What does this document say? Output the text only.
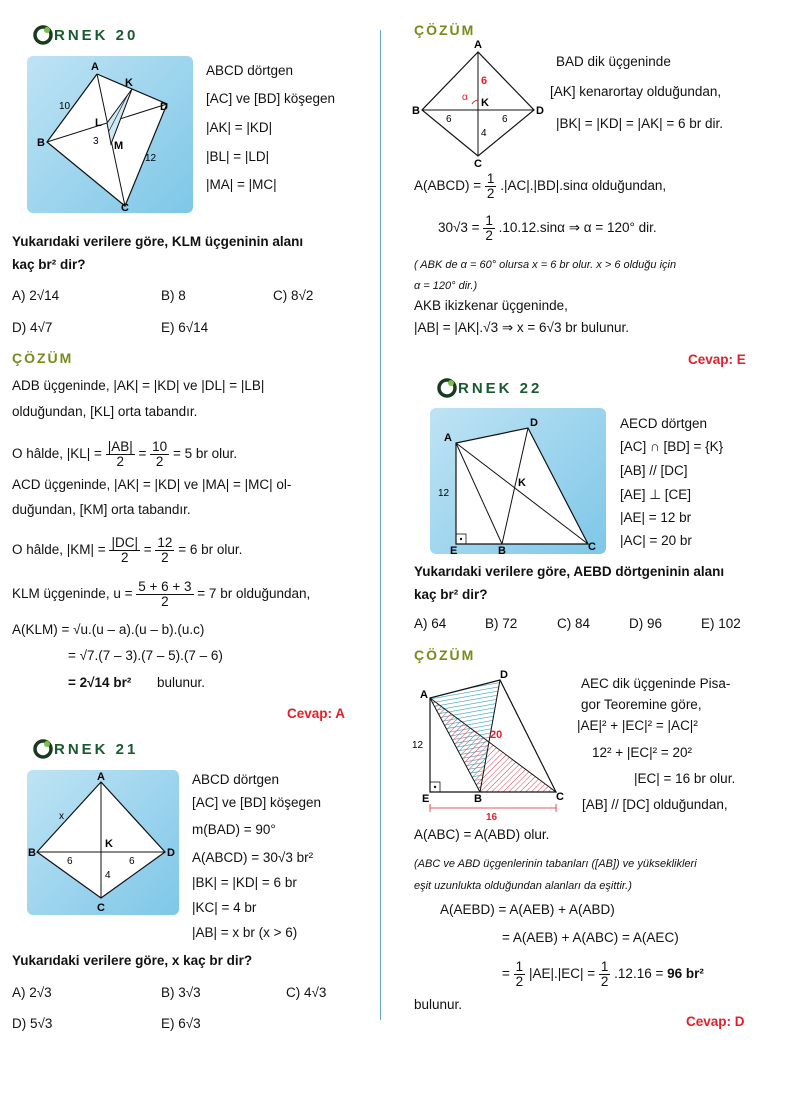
RNEK 20
A
B
C
D
K
L
M
10
3
12
ABCD dörtgen
[AC] ve [BD] köşegen
|AK| = |KD|
|BL| = |LD|
|MA| = |MC|
Yukarıdaki verilere göre, KLM üçgeninin alanı
kaç br² dir?
A) 2√14	B) 8	C) 8√2
D) 4√7	E) 6√14
ÇÖZÜM
ADB üçgeninde, |AK| = |KD| ve |DL| = |LB|
olduğundan, [KL] orta tabandır.
O hâlde, $|KL| = \frac{|AB|}{2} = \frac{10}{2} = 5$ br olur.
ACD üçgeninde, |AK| = |KD| ve |MA| = |MC| ol-
duğundan, [KM] orta tabandır.
O hâlde, $|KM| = \frac{|DC|}{2} = \frac{12}{2} = 6$ br olur.
KLM üçgeninde, $u = \frac{5 + 6 + 3}{2} = 7$ br olduğundan,
A(KLM) = √u.(u – a).(u – b).(u.c)
= √7.(7 – 3).(7 – 5).(7 – 6)
= 2√14 br² bulunur.
Cevap: A
RNEK 21
A
B
C
D
K
x
6	6
4
ABCD dörtgen
[AC] ve [BD] köşegen
m(BAD) = 90°
A(ABCD) = 30√3 br²
|BK| = |KD| = 6 br
|KC| = 4 br
|AB| = x br (x > 6)
Yukarıdaki verilere göre, x kaç br dir?
A) 2√3	B) 3√3	C) 4√3
D) 5√3	E) 6√3
ÇÖZÜM
A
B
C
D
K
6
α
6	6
4
BAD dik üçgeninde
[AK] kenarortay olduğundan,
|BK| = |KD| = |AK| = 6 br dir.
A(ABCD) = $\frac{1}{2} .|AC|.|BD|.\sin\alpha$ olduğundan,
$30√3 = \frac{1}{2} .10.12.\sin\alpha$ ⇒ α = 120° dir.
( ABK de α = 60° olursa x = 6 br olur. x > 6 olduğu için
α = 120° dir.)
AKB ikizkenar üçgeninde,
|AB| = |AK|.√3 ⇒ x = 6√3 br bulunur.
Cevap: E
RNEK 22
A
D
E	B	C
K
12
AECD dörtgen
[AC] ∩ [BD] = {K}
[AB] // [DC]
[AE] ⊥ [CE]
|AE| = 12 br
|AC| = 20 br
Yukarıdaki verilere göre, AEBD dörtgeninin alanı
kaç br² dir?
A) 64	B) 72	C) 84	D) 96	E) 102
ÇÖZÜM
A
D
E	B	C
12
20
16
AEC dik üçgeninde Pisa-
gor Teoremine göre,
|AE|² + |EC|² = |AC|²
12² + |EC|² = 20²
|EC| = 16 br olur.
[AB] // [DC] olduğundan,
A(ABC) = A(ABD) olur.
(ABC ve ABD üçgenlerinin tabanları ([AB]) ve yükseklikleri
eşit uzunlukta olduğundan alanları da eşittir.)
A(AEBD) = A(AEB) + A(ABD)
= A(AEB) + A(ABC) = A(AEC)
= $\frac{1}{2} |AE|.|EC| = \frac{1}{2} .12.16 = 96$ br²
bulunur.
Cevap: D
